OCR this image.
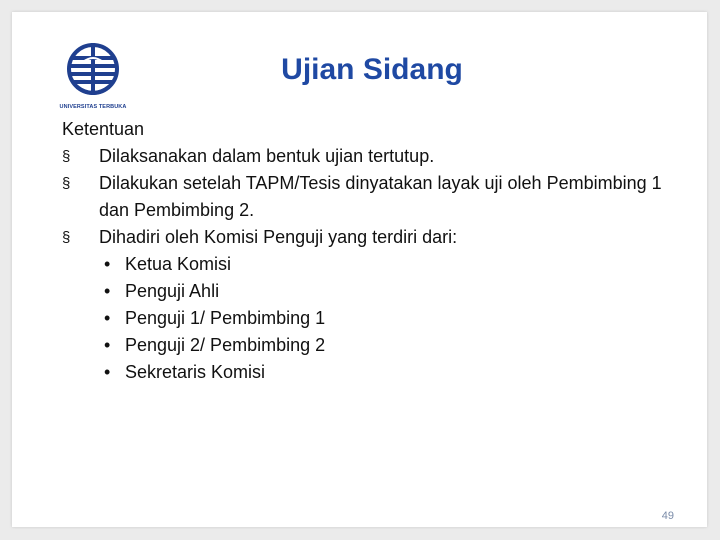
UNIVERSITAS TERBUKA
Ujian Sidang

Ketentuan

§	Dilaksanakan dalam bentuk ujian tertutup.
§	Dilakukan setelah TAPM/Tesis dinyatakan layak uji oleh Pembimbing 1 dan Pembimbing 2.
§	Dihadiri oleh Komisi Penguji yang terdiri dari:
• Ketua Komisi
• Penguji Ahli
• Penguji 1/ Pembimbing 1
• Penguji 2/ Pembimbing 2
• Sekretaris Komisi
49
